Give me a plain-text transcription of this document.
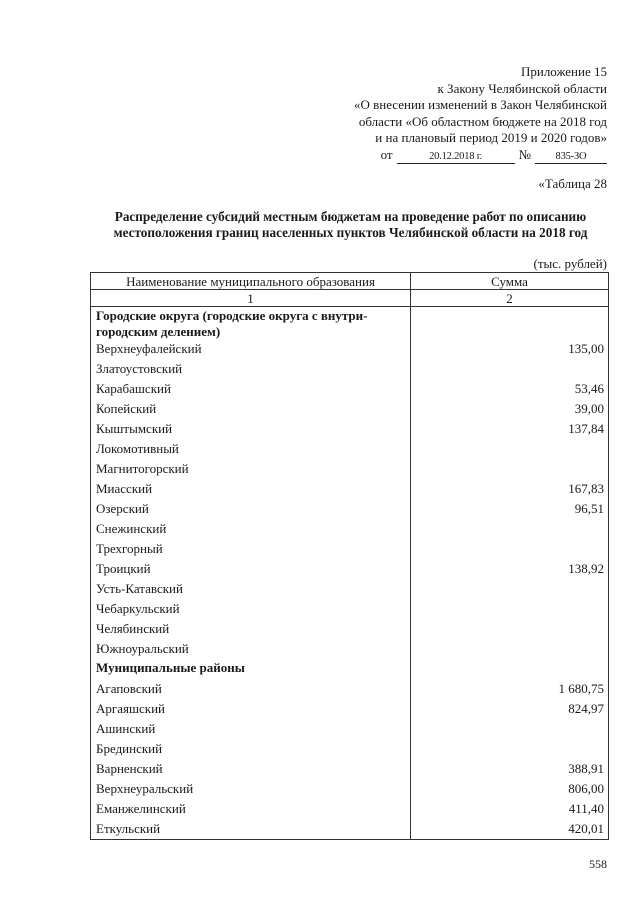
Приложение 15
к Закону Челябинской области
«О внесении изменений в Закон Челябинской
области «Об областном бюджете на 2018 год
и на плановый период 2019 и 2020 годов»
от	20.12.2018 г.	№	835-ЗО
«Таблица 28
Распределение субсидий местным бюджетам на проведение работ по описанию местоположения границ населенных пунктов Челябинской области на 2018 год
(тыс. рублей)
Наименование муниципального образования	Сумма
1	2
Городские округа (городские округа с внутри-городским делением)	
Верхнеуфалейский	135,00
Златоустовский	
Карабашский	53,46
Копейский	39,00
Кыштымский	137,84
Локомотивный	
Магнитогорский	
Миасский	167,83
Озерский	96,51
Снежинский	
Трехгорный	
Троицкий	138,92
Усть-Катавский	
Чебаркульский	
Челябинский	
Южноуральский	
Муниципальные районы	
Агаповский	1 680,75
Аргаяшский	824,97
Ашинский	
Брединский	
Варненский	388,91
Верхнеуральский	806,00
Еманжелинский	411,40
Еткульский	420,01
558
